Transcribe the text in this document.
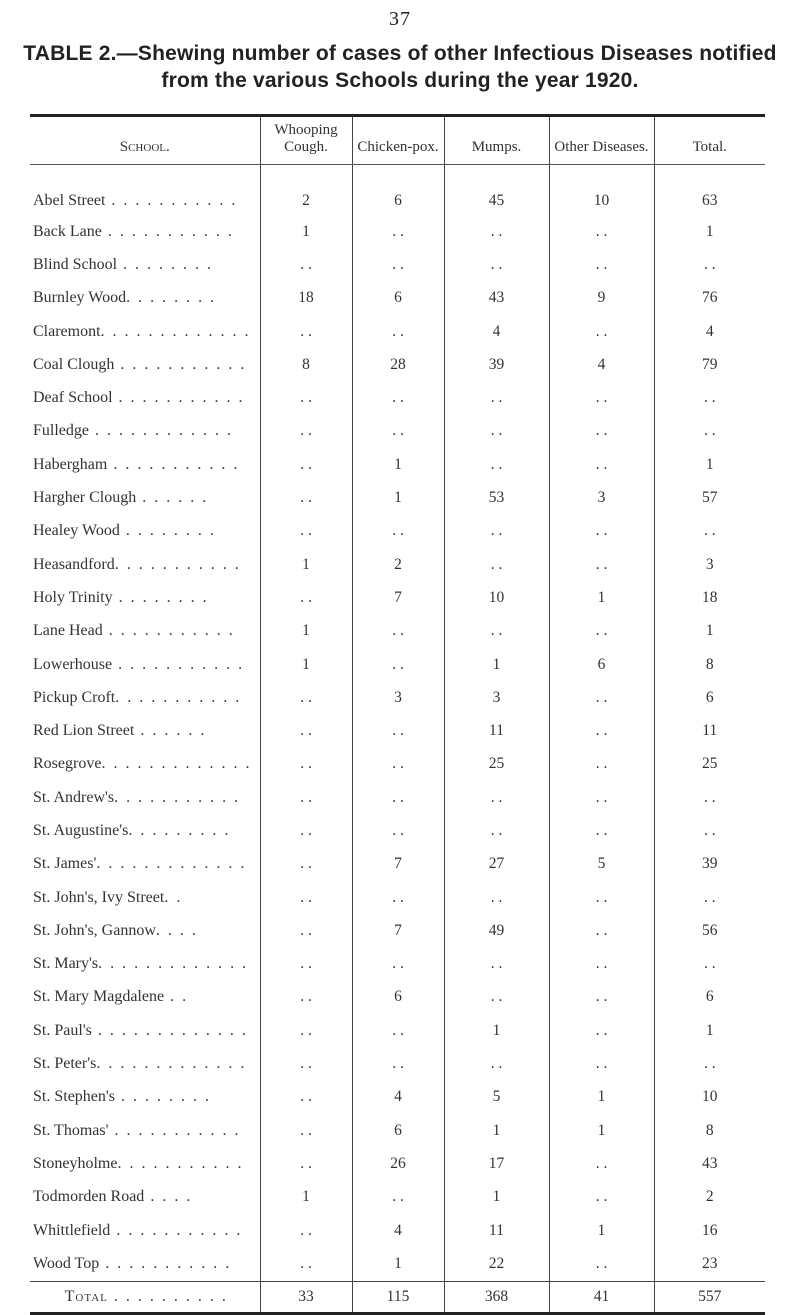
37
TABLE 2.—Shewing number of cases of other Infectious Diseases notified
from the various Schools during the year 1920.
School.	Whooping Cough.	Chicken-pox.	Mumps.	Other Diseases.	Total.
Abel Street . . . . . . . . . . .	2	6	45	10	63
Back Lane . . . . . . . . . . .	1	. .	. .	. .	1
Blind School . . . . . . . .	. .	. .	. .	. .	. .
Burnley Wood. . . . . . . .	18	6	43	9	76
Claremont. . . . . . . . . . . . .	. .	. .	4	. .	4
Coal Clough . . . . . . . . . . .	8	28	39	4	79
Deaf School . . . . . . . . . . .	. .	. .	. .	. .	. .
Fulledge . . . . . . . . . . . .	. .	. .	. .	. .	. .
Habergham . . . . . . . . . . .	. .	1	. .	. .	1
Hargher Clough . . . . . .	. .	1	53	3	57
Healey Wood . . . . . . . .	. .	. .	. .	. .	. .
Heasandford. . . . . . . . . . .	1	2	. .	. .	3
Holy Trinity . . . . . . . .	. .	7	10	1	18
Lane Head . . . . . . . . . . .	1	. .	. .	. .	1
Lowerhouse . . . . . . . . . . .	1	. .	1	6	8
Pickup Croft. . . . . . . . . . .	. .	3	3	. .	6
Red Lion Street . . . . . .	. .	. .	11	. .	11
Rosegrove. . . . . . . . . . . . .	. .	. .	25	. .	25
St. Andrew's. . . . . . . . . . .	. .	. .	. .	. .	. .
St. Augustine's. . . . . . . . .	. .	. .	. .	. .	. .
St. James'. . . . . . . . . . . . .	. .	7	27	5	39
St. John's, Ivy Street. .	. .	. .	. .	. .	. .
St. John's, Gannow. . . .	. .	7	49	. .	56
St. Mary's. . . . . . . . . . . . .	. .	. .	. .	. .	. .
St. Mary Magdalene . .	. .	6	. .	. .	6
St. Paul's . . . . . . . . . . . . .	. .	. .	1	. .	1
St. Peter's. . . . . . . . . . . . .	. .	. .	. .	. .	. .
St. Stephen's . . . . . . . .	. .	4	5	1	10
St. Thomas' . . . . . . . . . . .	. .	6	1	1	8
Stoneyholme. . . . . . . . . . .	. .	26	17	. .	43
Todmorden Road . . . .	1	. .	1	. .	2
Whittlefield . . . . . . . . . . .	. .	4	11	1	16
Wood Top . . . . . . . . . . .	. .	1	22	. .	23
Total . . . . . . . . . .	33	115	368	41	557
